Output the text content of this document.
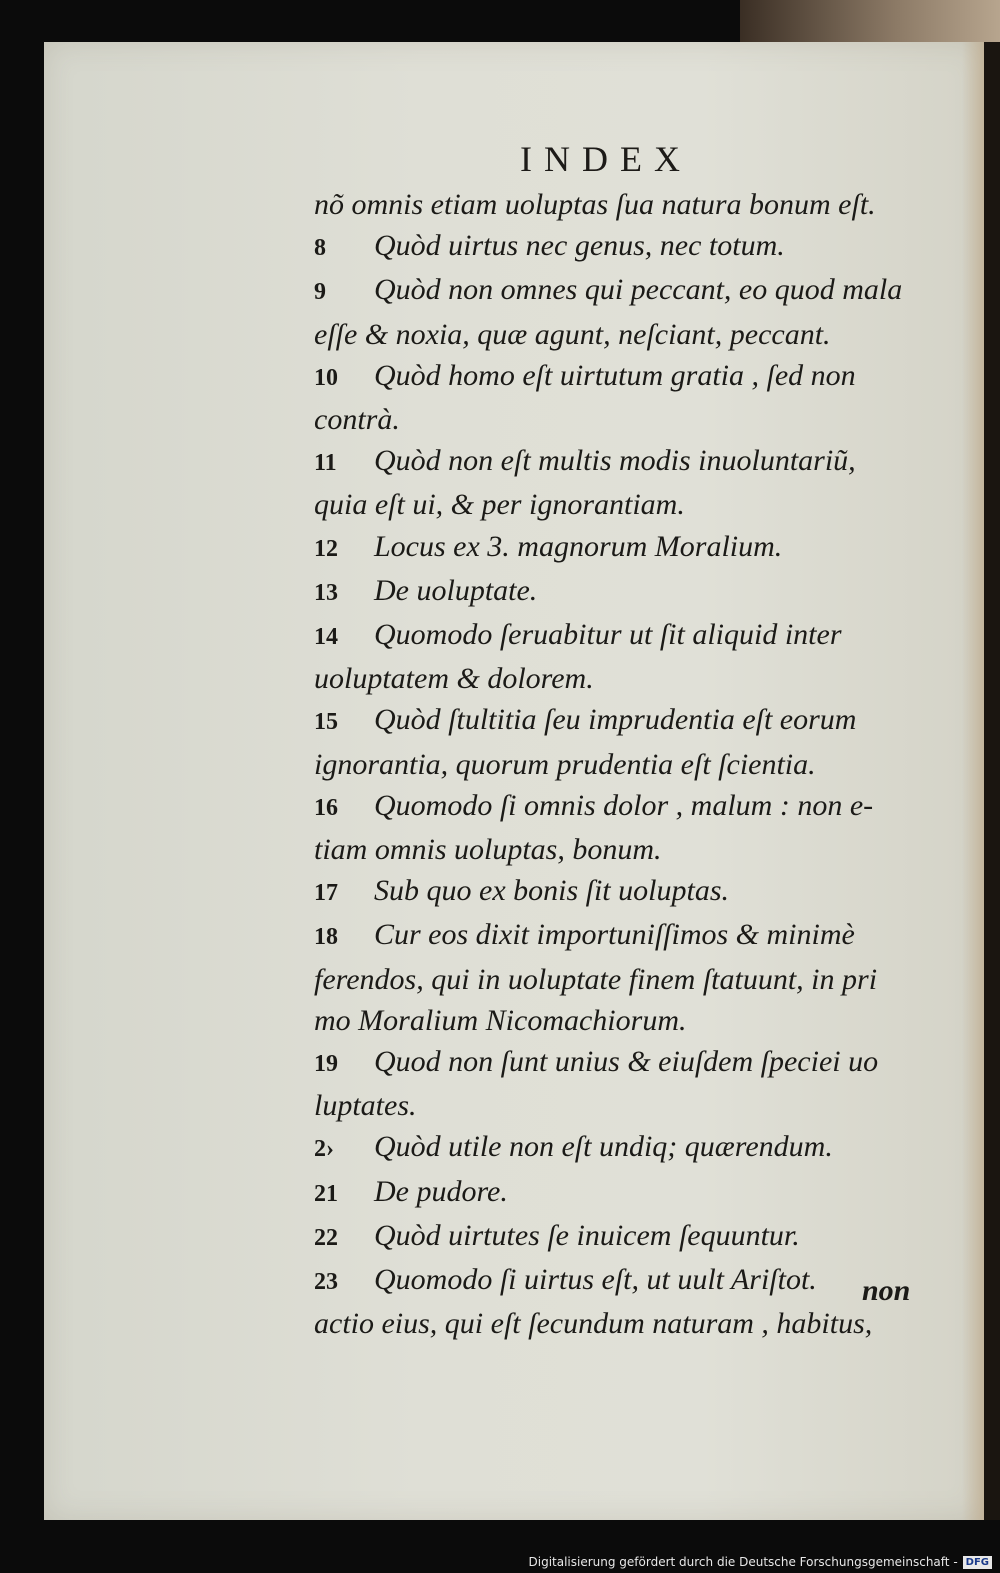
INDEX
nõ omnis etiam uoluptas ſua natura bonum eſt.
8 Quòd uirtus nec genus, nec totum.
9 Quòd non omnes qui peccant, eo quod mala
eſſe & noxia, quæ agunt, neſciant, peccant.
10 Quòd homo eſt uirtutum gratia , ſed non
contrà.
11 Quòd non eſt multis modis inuoluntariũ,
quia eſt ui, & per ignorantiam.
12 Locus ex 3. magnorum Moralium.
13 De uoluptate.
14 Quomodo ſeruabitur ut ſit aliquid inter
uoluptatem & dolorem.
15 Quòd ſtultitia ſeu imprudentia eſt eorum
ignorantia, quorum prudentia eſt ſcientia.
16 Quomodo ſi omnis dolor , malum : non e-
tiam omnis uoluptas, bonum.
17 Sub quo ex bonis ſit uoluptas.
18 Cur eos dixit importuniſſimos & minimè
ferendos, qui in uoluptate finem ſtatuunt, in pri
mo Moralium Nicomachiorum.
19 Quod non ſunt unius & eiuſdem ſpeciei uo
luptates.
2› Quòd utile non eſt undiq; quærendum.
21 De pudore.
22 Quòd uirtutes ſe inuicem ſequuntur.
23 Quomodo ſi uirtus eſt, ut uult Ariſtot.
actio eius, qui eſt ſecundum naturam , habitus,
non
Digitalisierung gefördert durch die Deutsche Forschungsgemeinschaft - DFG
